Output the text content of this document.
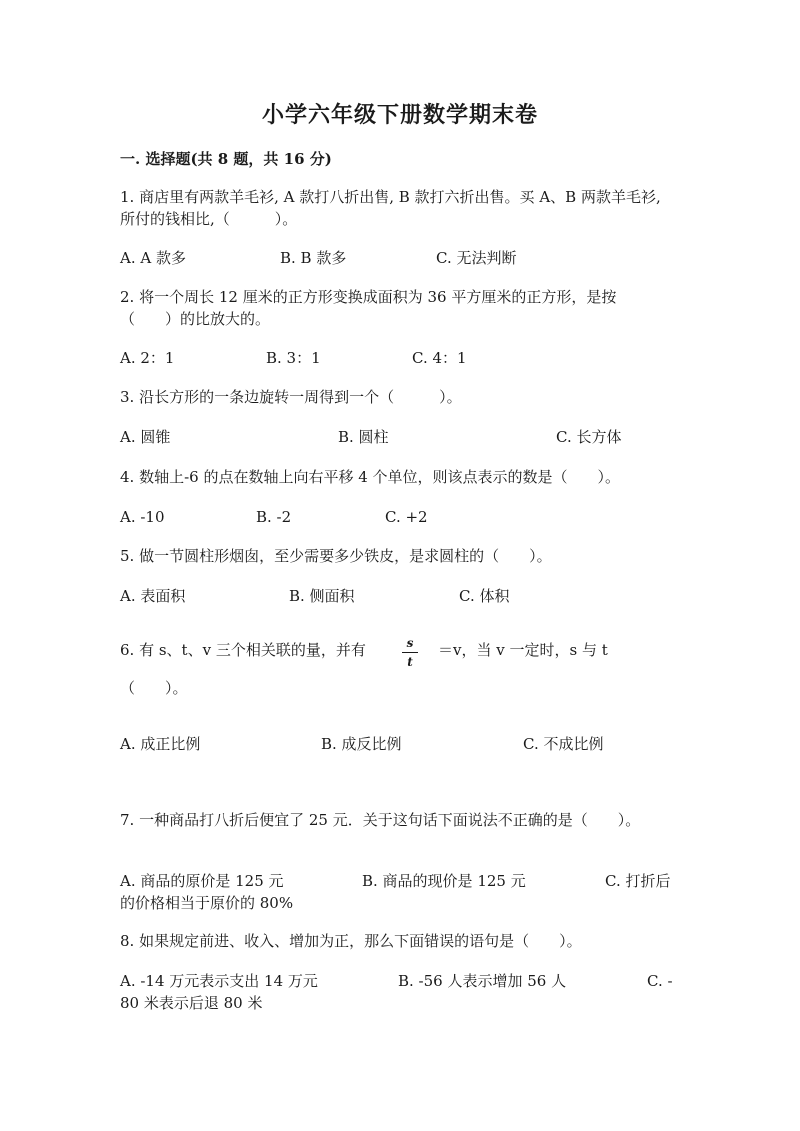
小学六年级下册数学期末卷
一. 选择题(共 8 题，共 16 分)
1. 商店里有两款羊毛衫, A 款打八折出售, B 款打六折出售。买 A、B 两款羊毛衫,
所付的钱相比,（　　　）。
A. A 款多	B. B 款多	C. 无法判断
2. 将一个周长 12 厘米的正方形变换成面积为 36 平方厘米的正方形，是按
（　　）的比放大的。
A. 2：1	B. 3：1	C. 4：1
3. 沿长方形的一条边旋转一周得到一个（　　　）。
A. 圆锥	B. 圆柱	C. 长方体
4. 数轴上-6 的点在数轴上向右平移 4 个单位，则该点表示的数是（　　）。
A. -10	B. -2	C. +2
5. 做一节圆柱形烟囱，至少需要多少铁皮，是求圆柱的（　　）。
A. 表面积	B. 侧面积	C. 体积
6. 有 s、t、v 三个相关联的量，并有	s
t
＝v，当 v 一定时，s 与 t
（　　）。
A. 成正比例	B. 成反比例	C. 不成比例
7. 一种商品打八折后便宜了 25 元．关于这句话下面说法不正确的是（　　）。
A. 商品的原价是 125 元	B. 商品的现价是 125 元	C. 打折后
的价格相当于原价的 80%
8. 如果规定前进、收入、增加为正，那么下面错误的语句是（　　）。
A. -14 万元表示支出 14 万元	B. -56 人表示增加 56 人	C. -
80 米表示后退 80 米
